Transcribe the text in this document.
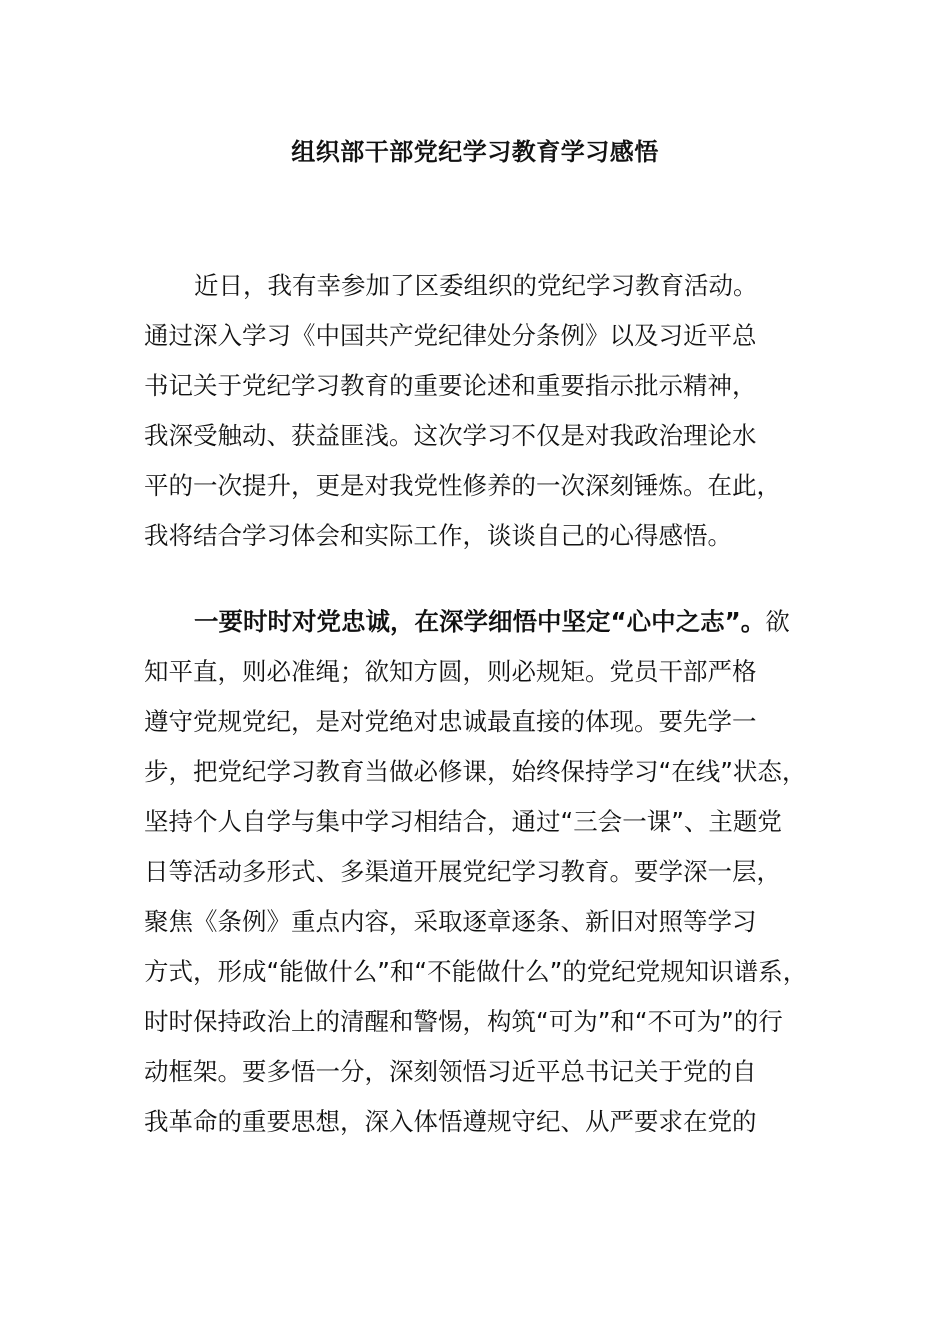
组织部干部党纪学习教育学习感悟
近日，我有幸参加了区委组织的党纪学习教育活动。
通过深入学习《中国共产党纪律处分条例》以及习近平总
书记关于党纪学习教育的重要论述和重要指示批示精神，
我深受触动、获益匪浅。这次学习不仅是对我政治理论水
平的一次提升，更是对我党性修养的一次深刻锤炼。在此，
我将结合学习体会和实际工作，谈谈自己的心得感悟。
一要时时对党忠诚，在深学细悟中坚定“心中之志”。欲
知平直，则必准绳；欲知方圆，则必规矩。党员干部严格
遵守党规党纪，是对党绝对忠诚最直接的体现。要先学一
步，把党纪学习教育当做必修课，始终保持学习“在线”状态，
坚持个人自学与集中学习相结合，通过“三会一课”、主题党
日等活动多形式、多渠道开展党纪学习教育。要学深一层，
聚焦《条例》重点内容，采取逐章逐条、新旧对照等学习
方式，形成“能做什么”和“不能做什么”的党纪党规知识谱系，
时时保持政治上的清醒和警惕，构筑“可为”和“不可为”的行
动框架。要多悟一分，深刻领悟习近平总书记关于党的自
我革命的重要思想，深入体悟遵规守纪、从严要求在党的
